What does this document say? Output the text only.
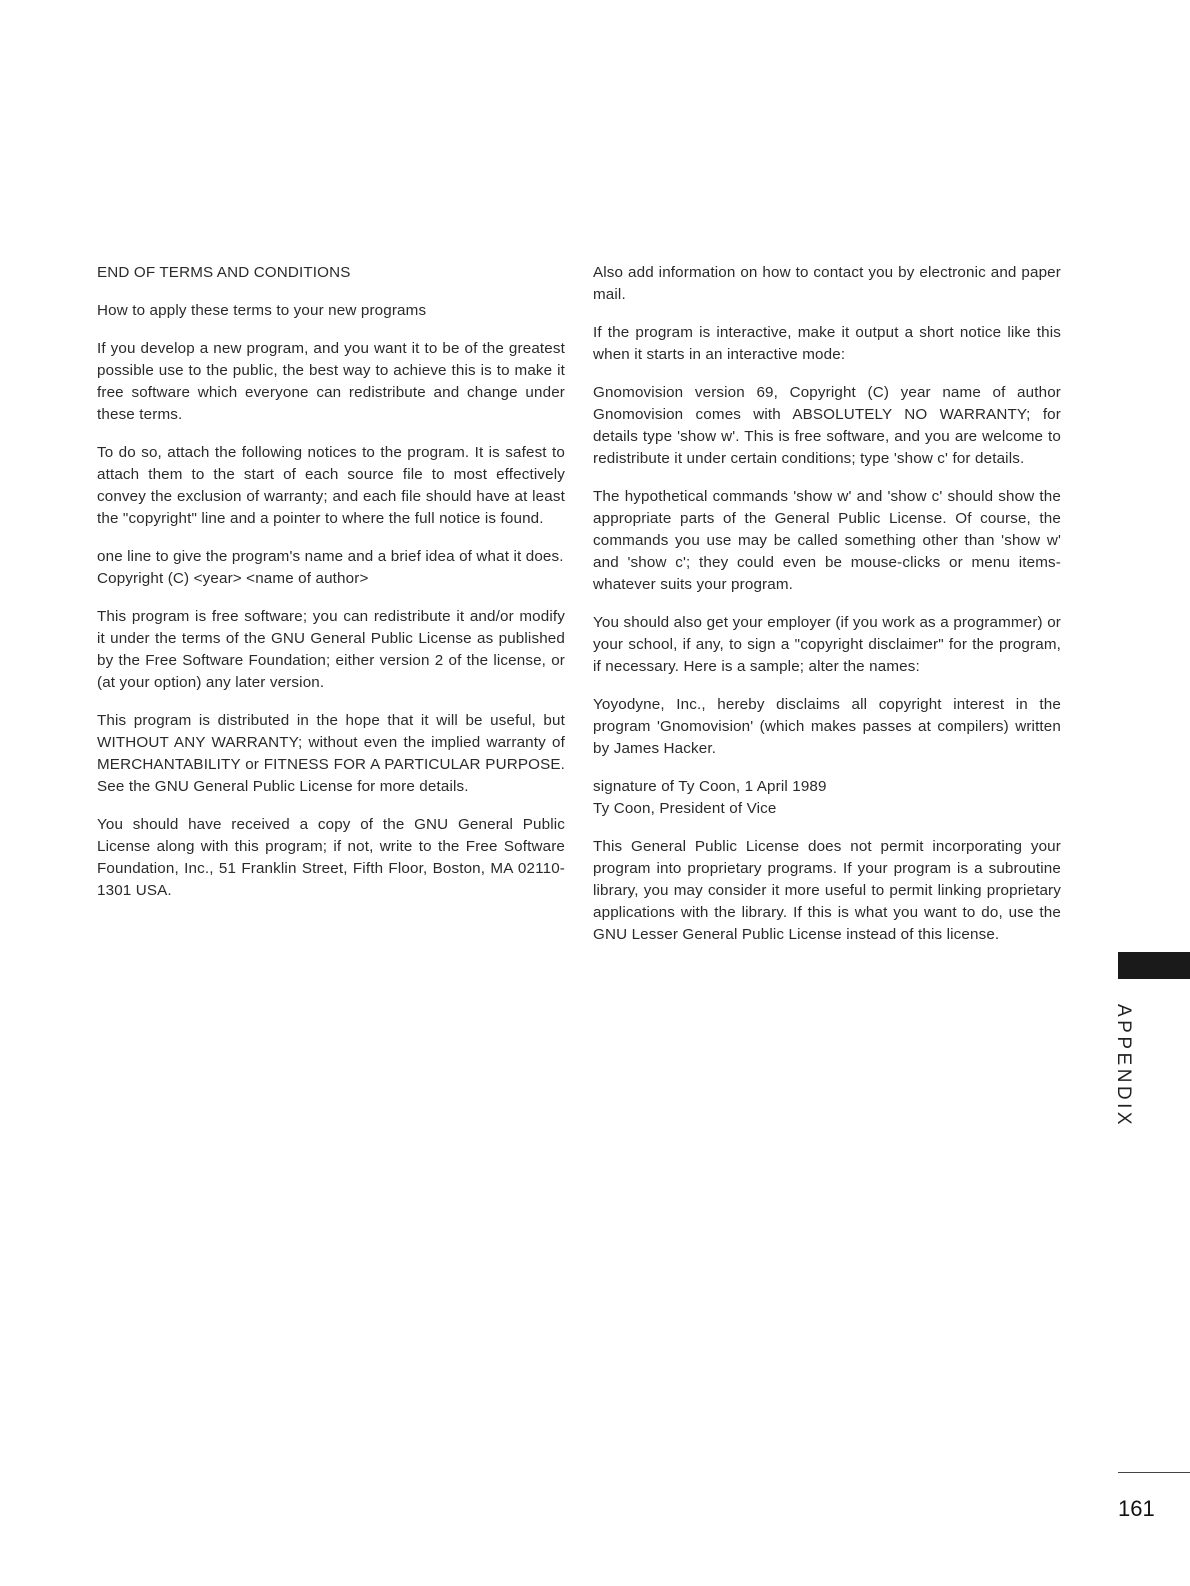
END OF TERMS AND CONDITIONS

How to apply these terms to your new programs

If you develop a new program, and you want it to be of the greatest possible use to the public, the best way to achieve this is to make it free software which everyone can redistribute and change under these terms.

To do so, attach the following notices to the program. It is safest to attach them to the start of each source file to most effectively convey the exclusion of warranty; and each file should have at least the "copyright" line and a pointer to where the full notice is found.

one line to give the program's name and a brief idea of what it does.
Copyright (C) <year> <name of author>

This program is free software; you can redistribute it and/or modify it under the terms of the GNU General Public License as published by the Free Software Foundation; either version 2 of the license, or (at your option) any later version.

This program is distributed in the hope that it will be useful, but WITHOUT ANY WARRANTY; without even the implied warranty of MERCHANTABILITY or FITNESS FOR A PARTICULAR PURPOSE. See the GNU General Public License for more details.

You should have received a copy of the GNU General Public License along with this program; if not, write to the Free Software Foundation, Inc., 51 Franklin Street, Fifth Floor, Boston, MA 02110-1301 USA.

Also add information on how to contact you by electronic and paper mail.

If the program is interactive, make it output a short notice like this when it starts in an interactive mode:

Gnomovision version 69, Copyright (C) year name of author Gnomovision comes with ABSOLUTELY NO WARRANTY; for details type 'show w'. This is free software, and you are welcome to redistribute it under certain conditions; type 'show c' for details.

The hypothetical commands 'show w' and 'show c' should show the appropriate parts of the General Public License. Of course, the commands you use may be called something other than 'show w' and 'show c'; they could even be mouse-clicks or menu items-whatever suits your program.

You should also get your employer (if you work as a programmer) or your school, if any, to sign a "copyright disclaimer" for the program, if necessary. Here is a sample; alter the names:

Yoyodyne, Inc., hereby disclaims all copyright interest in the program 'Gnomovision' (which makes passes at compilers) written by James Hacker.

signature of Ty Coon, 1 April 1989
Ty Coon, President of Vice

This General Public License does not permit incorporating your program into proprietary programs. If your program is a subroutine library, you may consider it more useful to permit linking proprietary applications with the library. If this is what you want to do, use the GNU Lesser General Public License instead of this license.

APPENDIX
161
